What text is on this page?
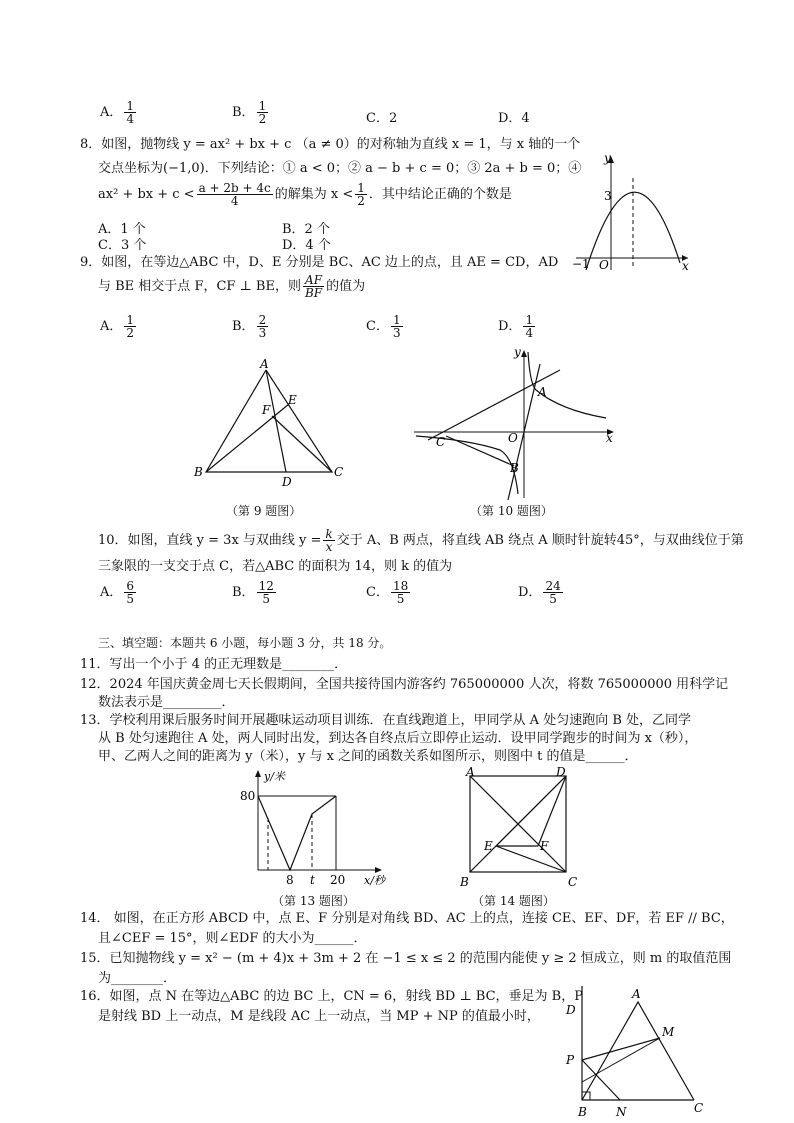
A． $\frac{1}{4}$	B． $\frac{1}{2}$	C．2	D．4
8．如图，抛物线 y = ax² + bx + c （a ≠ 0）的对称轴为直线 x = 1，与 x 轴的一个
交点坐标为(−1,0)．下列结论：① a < 0；② a − b + c = 0；③ 2a + b = 0；④
ax² + bx + $c < \frac{a + 2b + 4c}{4}$ 的解集为 $x < \frac{1}{2}$ ．其中结论正确的个数是
A．1 个	B．2 个
C．3 个	D．4 个
y
x
3
−1 O
9．如图，在等边△ABC 中，D、E 分别是 BC、AC 边上的点，且 AE = CD，AD
与 BE 相交于点 F，CF ⊥ BE，则 $\frac{AF}{BF}$ 的值为
A． $\frac{1}{2}$	B． $\frac{2}{3}$	C． $\frac{1}{3}$	D． $\frac{1}{4}$
A
B	C
D
E
F
（第 9 题图）
y
x
A
B
C	O
（第 10 题图）
10．如图，直线 y = 3x 与双曲线 $y = \frac{k}{x}$ 交于 A、B 两点，将直线 AB 绕点 A 顺时针旋转45°，与双曲线位于第
三象限的一支交于点 C，若△ABC 的面积为 14，则 k 的值为
A． $\frac{6}{5}$	B． $\frac{12}{5}$	C． $\frac{18}{5}$	D． $\frac{24}{5}$
三、填空题：本题共 6 小题，每小题 3 分，共 18 分。
11．写出一个小于 4 的正无理数是________．
12．2024 年国庆黄金周七天长假期间，全国共接待国内游客约 765000000 人次，将数 765000000 用科学记
数法表示是_________．
13．学校利用课后服务时间开展趣味运动项目训练．在直线跑道上，甲同学从 A 处匀速跑向 B 处，乙同学
从 B 处匀速跑往 A 处，两人同时出发，到达各自终点后立即停止运动．设甲同学跑步的时间为 x（秒），
甲、乙两人之间的距离为 y（米），y 与 x 之间的函数关系如图所示，则图中 t 的值是______．
y/米
x/秒
80
8 t 20
（第 13 题图）
A
B	C
D
E	F
（第 14 题图）
14． 如图，在正方形 ABCD 中，点 E、F 分别是对角线 BD、AC 上的点，连接 CE、EF、DF，若 EF // BC，
且∠CEF = 15°，则∠EDF 的大小为______．
15．已知抛物线 y = x² − (m + 4)x + 3m + 2 在 −1 ≤ x ≤ 2 的范围内能使 y ≥ 2 恒成立，则 m 的取值范围
为________．
16．如图，点 N 在等边△ABC 的边 BC 上，CN = 6，射线 BD ⊥ BC，垂足为 B，P
是射线 BD 上一动点，M 是线段 AC 上一动点，当 MP + NP 的值最小时，
A
B	C
D
M
N
P
